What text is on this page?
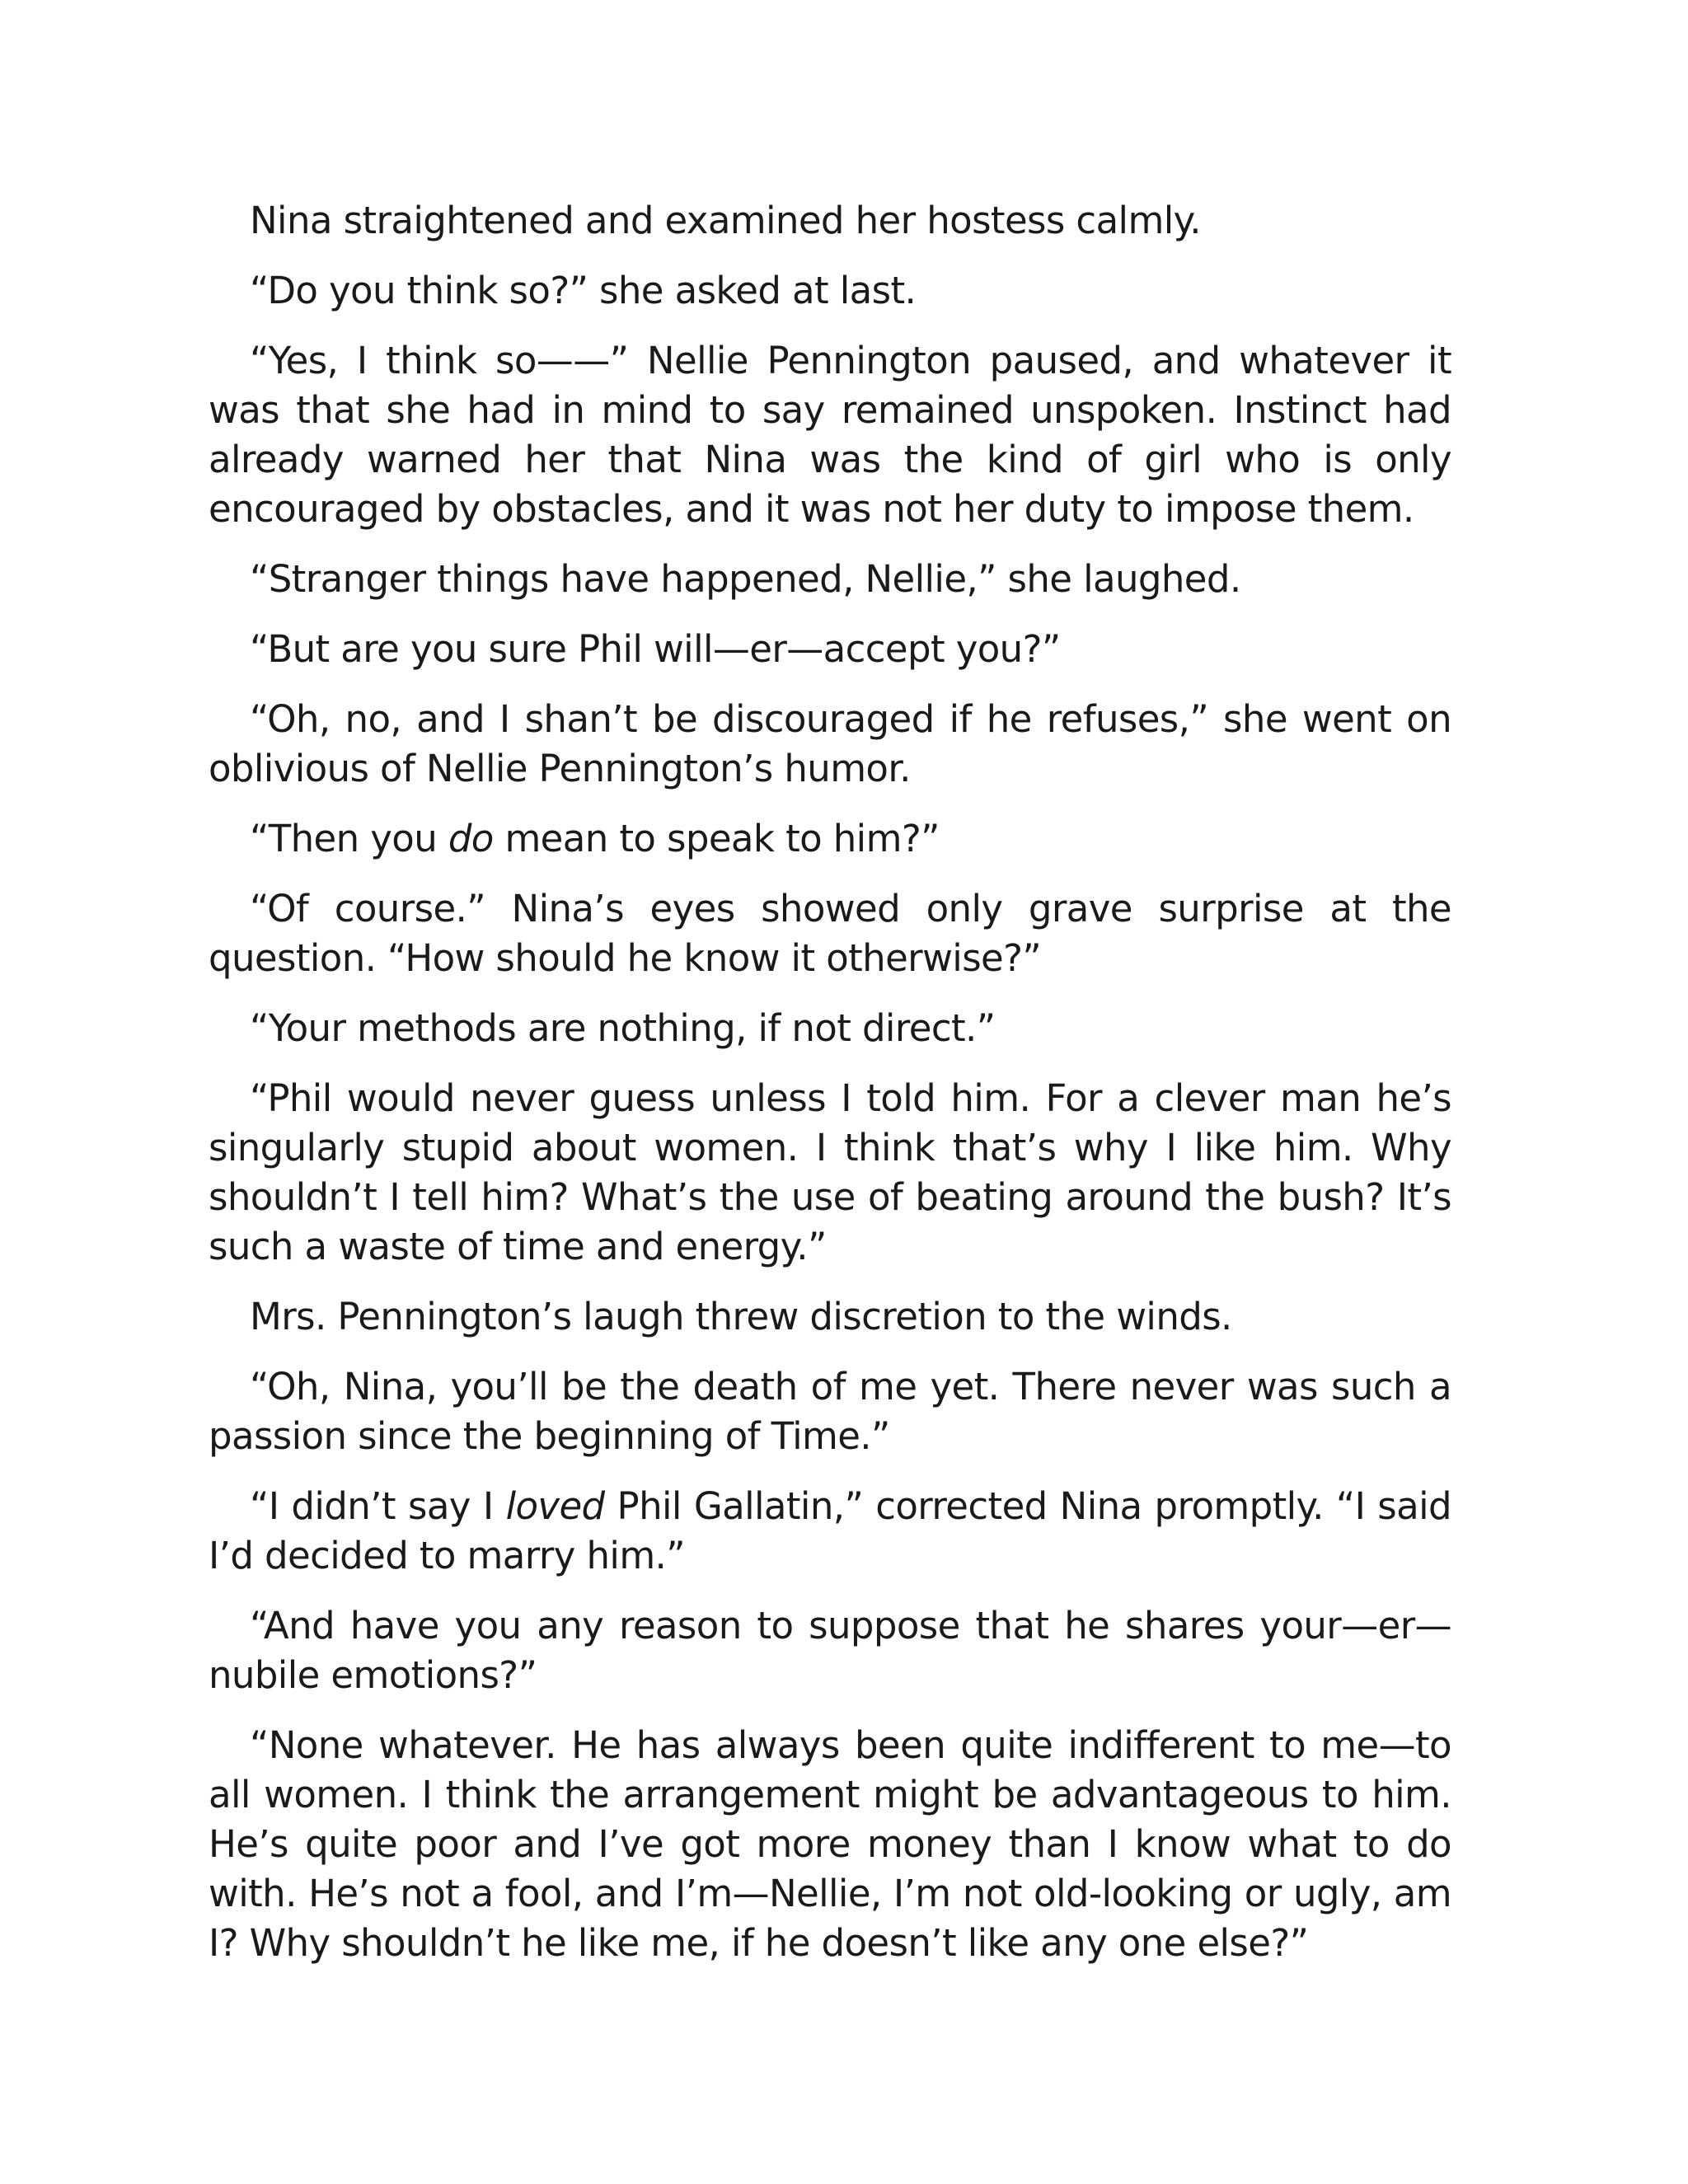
Nina straightened and examined her hostess calmly.

“Do you think so?” she asked at last.

“Yes, I think so——” Nellie Pennington paused, and whatever it was that she had in mind to say remained unspoken. Instinct had already warned her that Nina was the kind of girl who is only encouraged by obstacles, and it was not her duty to impose them.

“Stranger things have happened, Nellie,” she laughed.

“But are you sure Phil will—er—accept you?”

“Oh, no, and I shan’t be discouraged if he refuses,” she went on oblivious of Nellie Pennington’s humor.

“Then you do mean to speak to him?”

“Of course.” Nina’s eyes showed only grave surprise at the question. “How should he know it otherwise?”

“Your methods are nothing, if not direct.”

“Phil would never guess unless I told him. For a clever man he’s singularly stupid about women. I think that’s why I like him. Why shouldn’t I tell him? What’s the use of beating around the bush? It’s such a waste of time and energy.”

Mrs. Pennington’s laugh threw discretion to the winds.

“Oh, Nina, you’ll be the death of me yet. There never was such a passion since the beginning of Time.”

“I didn’t say I loved Phil Gallatin,” corrected Nina promptly. “I said I’d decided to marry him.”

“And have you any reason to suppose that he shares your—er—nubile emotions?”

“None whatever. He has always been quite indifferent to me—to all women. I think the arrangement might be advantageous to him. He’s quite poor and I’ve got more money than I know what to do with. He’s not a fool, and I’m—Nellie, I’m not old-looking or ugly, am I? Why shouldn’t he like me, if he doesn’t like any one else?”
